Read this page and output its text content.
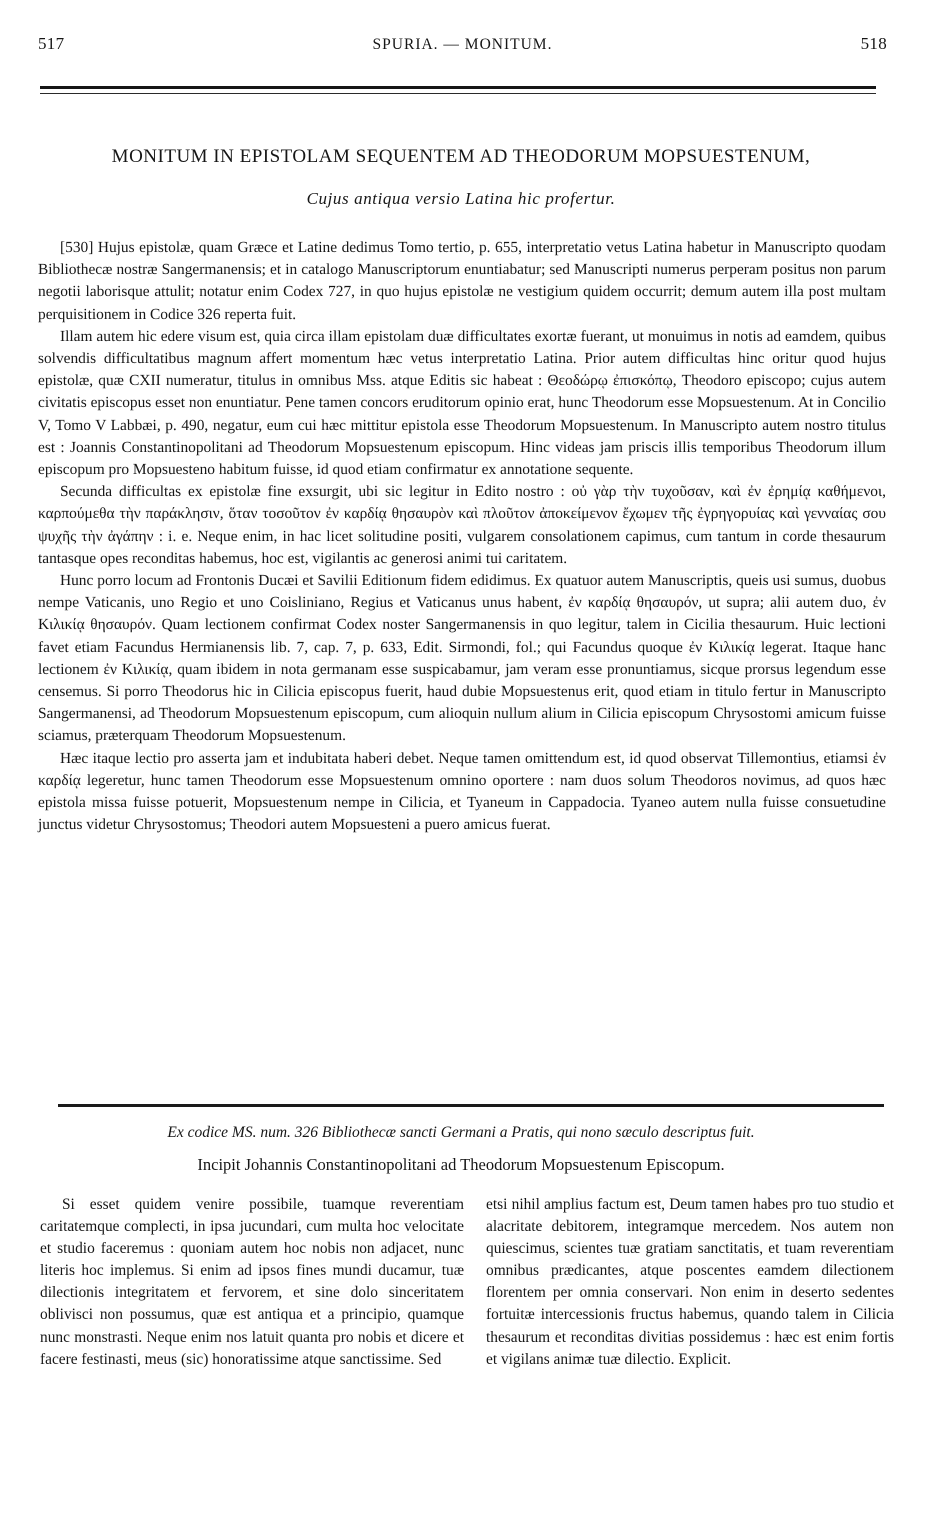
517	SPURIA. — MONITUM.	518
MONITUM IN EPISTOLAM SEQUENTEM AD THEODORUM MOPSUESTENUM,
Cujus antiqua versio Latina hic profertur.

[530] Hujus epistolæ, quam Græce et Latine dedimus Tomo tertio, p. 655, interpretatio vetus Latina habetur in Manuscripto quodam Bibliothecæ nostræ Sangermanensis; et in catalogo Manuscriptorum enuntiabatur; sed Manuscripti numerus perperam positus non parum negotii laborisque attulit; notatur enim Codex 727, in quo hujus epistolæ ne vestigium quidem occurrit; demum autem illa post multam perquisitionem in Codice 326 reperta fuit.

Illam autem hic edere visum est, quia circa illam epistolam duæ difficultates exortæ fuerant, ut monuimus in notis ad eamdem, quibus solvendis difficultatibus magnum affert momentum hæc vetus interpretatio Latina. Prior autem difficultas hinc oritur quod hujus epistolæ, quæ CXII numeratur, titulus in omnibus Mss. atque Editis sic habeat : Θεοδώρῳ ἐπισκόπῳ, Theodoro episcopo; cujus autem civitatis episcopus esset non enuntiatur. Pene tamen concors eruditorum opinio erat, hunc Theodorum esse Mopsuestenum. At in Concilio V, Tomo V Labbæi, p. 490, negatur, eum cui hæc mittitur epistola esse Theodorum Mopsuestenum. In Manuscripto autem nostro titulus est : Joannis Constantinopolitani ad Theodorum Mopsuestenum episcopum. Hinc videas jam priscis illis temporibus Theodorum illum episcopum pro Mopsuesteno habitum fuisse, id quod etiam confirmatur ex annotatione sequente.

Secunda difficultas ex epistolæ fine exsurgit, ubi sic legitur in Edito nostro : οὐ γὰρ τὴν τυχοῦσαν, καὶ ἐν ἐρημίᾳ καθήμενοι, καρπούμεθα τὴν παράκλησιν, ὅταν τοσοῦτον ἐν καρδίᾳ θησαυρὸν καὶ πλοῦτον ἀποκείμενον ἔχωμεν τῆς ἐγρηγορυίας καὶ γενναίας σου ψυχῆς τὴν ἀγάπην : i. e. Neque enim, in hac licet solitudine positi, vulgarem consolationem capimus, cum tantum in corde thesaurum tantasque opes reconditas habemus, hoc est, vigilantis ac generosi animi tui caritatem.

Hunc porro locum ad Frontonis Ducæi et Savilii Editionum fidem edidimus. Ex quatuor autem Manuscriptis, queis usi sumus, duobus nempe Vaticanis, uno Regio et uno Coisliniano, Regius et Vaticanus unus habent, ἐν καρδίᾳ θησαυρόν, ut supra; alii autem duo, ἐν Κιλικίᾳ θησαυρόν. Quam lectionem confirmat Codex noster Sangermanensis in quo legitur, talem in Cicilia thesaurum. Huic lectioni favet etiam Facundus Hermianensis lib. 7, cap. 7, p. 633, Edit. Sirmondi, fol.; qui Facundus quoque ἐν Κιλικίᾳ legerat. Itaque hanc lectionem ἐν Κιλικίᾳ, quam ibidem in nota germanam esse suspicabamur, jam veram esse pronuntiamus, sicque prorsus legendum esse censemus. Si porro Theodorus hic in Cilicia episcopus fuerit, haud dubie Mopsuestenus erit, quod etiam in titulo fertur in Manuscripto Sangermanensi, ad Theodorum Mopsuestenum episcopum, cum alioquin nullum alium in Cilicia episcopum Chrysostomi amicum fuisse sciamus, præterquam Theodorum Mopsuestenum.

Hæc itaque lectio pro asserta jam et indubitata haberi debet. Neque tamen omittendum est, id quod observat Tillemontius, etiamsi ἐν καρδίᾳ legeretur, hunc tamen Theodorum esse Mopsuestenum omnino oportere : nam duos solum Theodoros novimus, ad quos hæc epistola missa fuisse potuerit, Mopsuestenum nempe in Cilicia, et Tyaneum in Cappadocia. Tyaneo autem nulla fuisse consuetudine junctus videtur Chrysostomus; Theodori autem Mopsuesteni a puero amicus fuerat.

Ex codice MS. num. 326 Bibliothecæ sancti Germani a Pratis, qui nono sæculo descriptus fuit.
Incipit Johannis Constantinopolitani ad Theodorum Mopsuestenum Episcopum.

Si esset quidem venire possibile, tuamque reverentiam caritatemque complecti, in ipsa jucundari, cum multa hoc velocitate et studio faceremus : quoniam autem hoc nobis non adjacet, nunc literis hoc implemus. Si enim ad ipsos fines mundi ducamur, tuæ dilectionis integritatem et fervorem, et sine dolo sinceritatem oblivisci non possumus, quæ est antiqua et a principio, quamque nunc monstrasti. Neque enim nos latuit quanta pro nobis et dicere et facere festinasti, meus (sic) honoratissime atque sanctissime. Sed

etsi nihil amplius factum est, Deum tamen habes pro tuo studio et alacritate debitorem, integramque mercedem. Nos autem non quiescimus, scientes tuæ gratiam sanctitatis, et tuam reverentiam omnibus prædicantes, atque poscentes eamdem dilectionem florentem per omnia conservari. Non enim in deserto sedentes fortuitæ intercessionis fructus habemus, quando talem in Cilicia thesaurum et reconditas divitias possidemus : hæc est enim fortis et vigilans animæ tuæ dilectio. Explicit.
